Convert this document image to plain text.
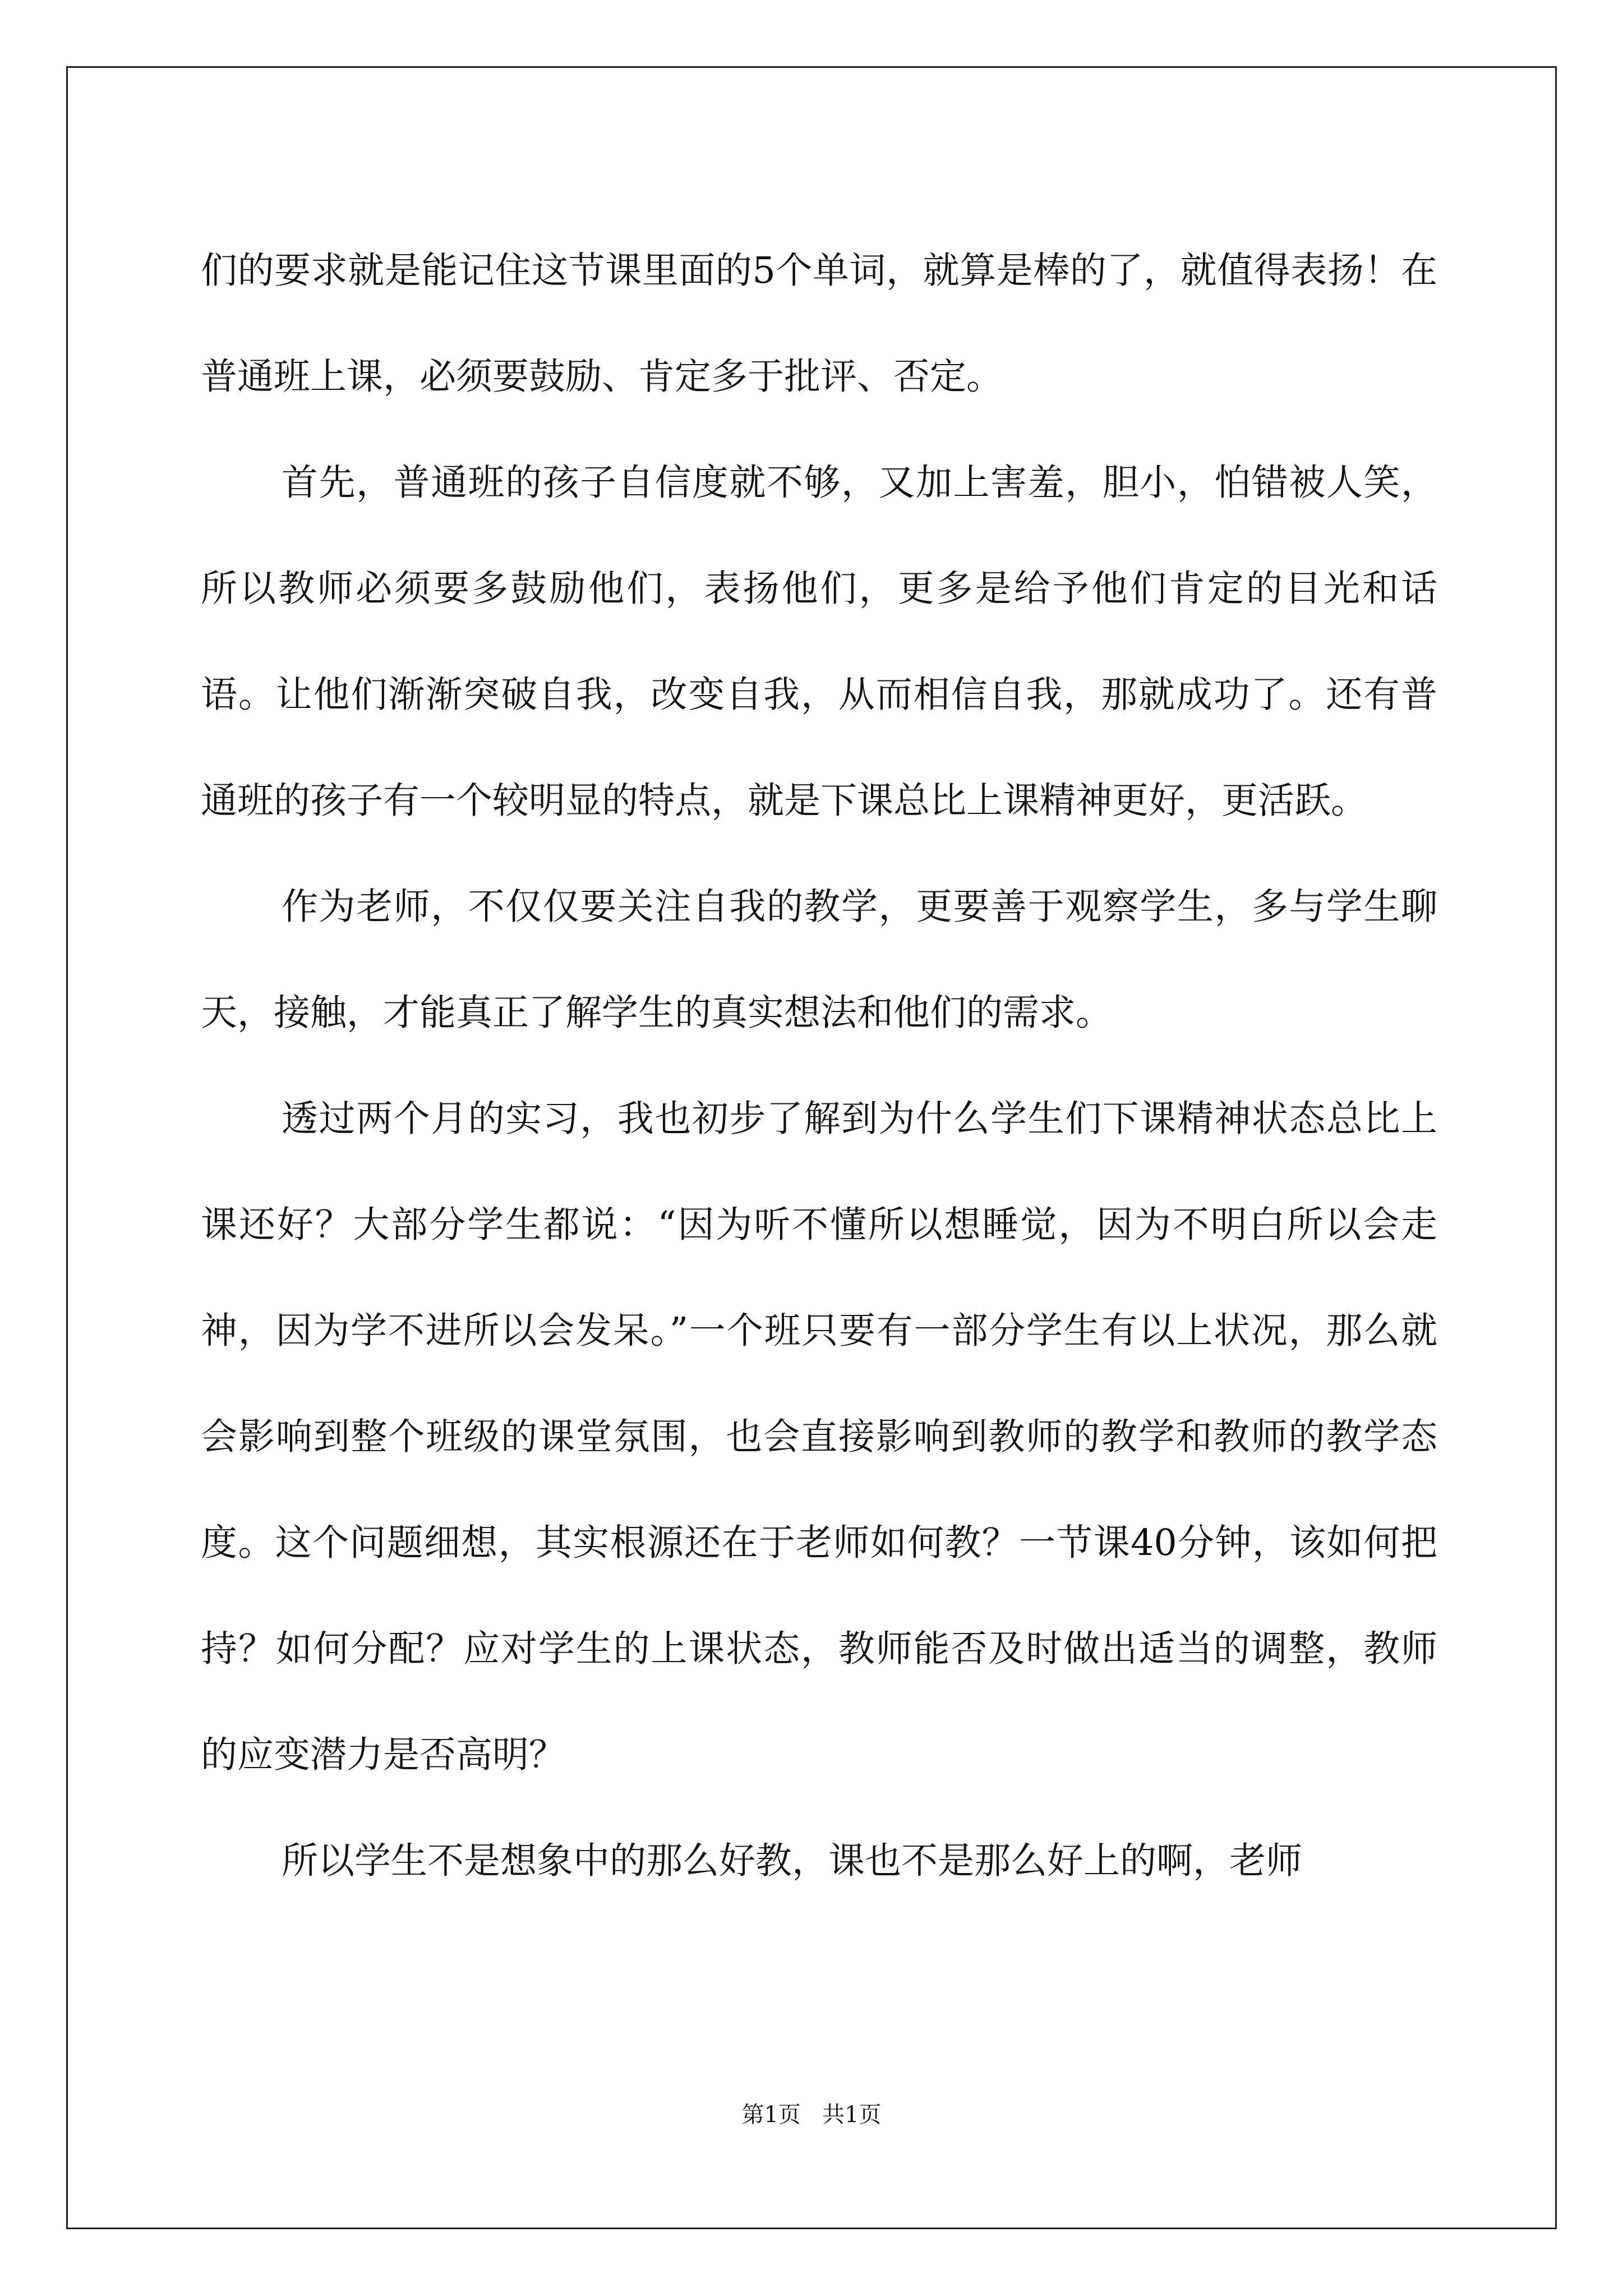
们的要求就是能记住这节课里面的5个单词，就算是棒的了，就值得表扬！在普通班上课，必须要鼓励、肯定多于批评、否定。

首先，普通班的孩子自信度就不够，又加上害羞，胆小，怕错被人笑，所以教师必须要多鼓励他们，表扬他们，更多是给予他们肯定的目光和话语。让他们渐渐突破自我，改变自我，从而相信自我，那就成功了。还有普通班的孩子有一个较明显的特点，就是下课总比上课精神更好，更活跃。

作为老师，不仅仅要关注自我的教学，更要善于观察学生，多与学生聊天，接触，才能真正了解学生的真实想法和他们的需求。

透过两个月的实习，我也初步了解到为什么学生们下课精神状态总比上课还好？大部分学生都说：“因为听不懂所以想睡觉，因为不明白所以会走神，因为学不进所以会发呆。”一个班只要有一部分学生有以上状况，那么就会影响到整个班级的课堂氛围，也会直接影响到教师的教学和教师的教学态度。这个问题细想，其实根源还在于老师如何教？一节课40分钟，该如何把持？如何分配？应对学生的上课状态，教师能否及时做出适当的调整，教师的应变潜力是否高明？

所以学生不是想象中的那么好教，课也不是那么好上的啊，老师

第1页   共1页
